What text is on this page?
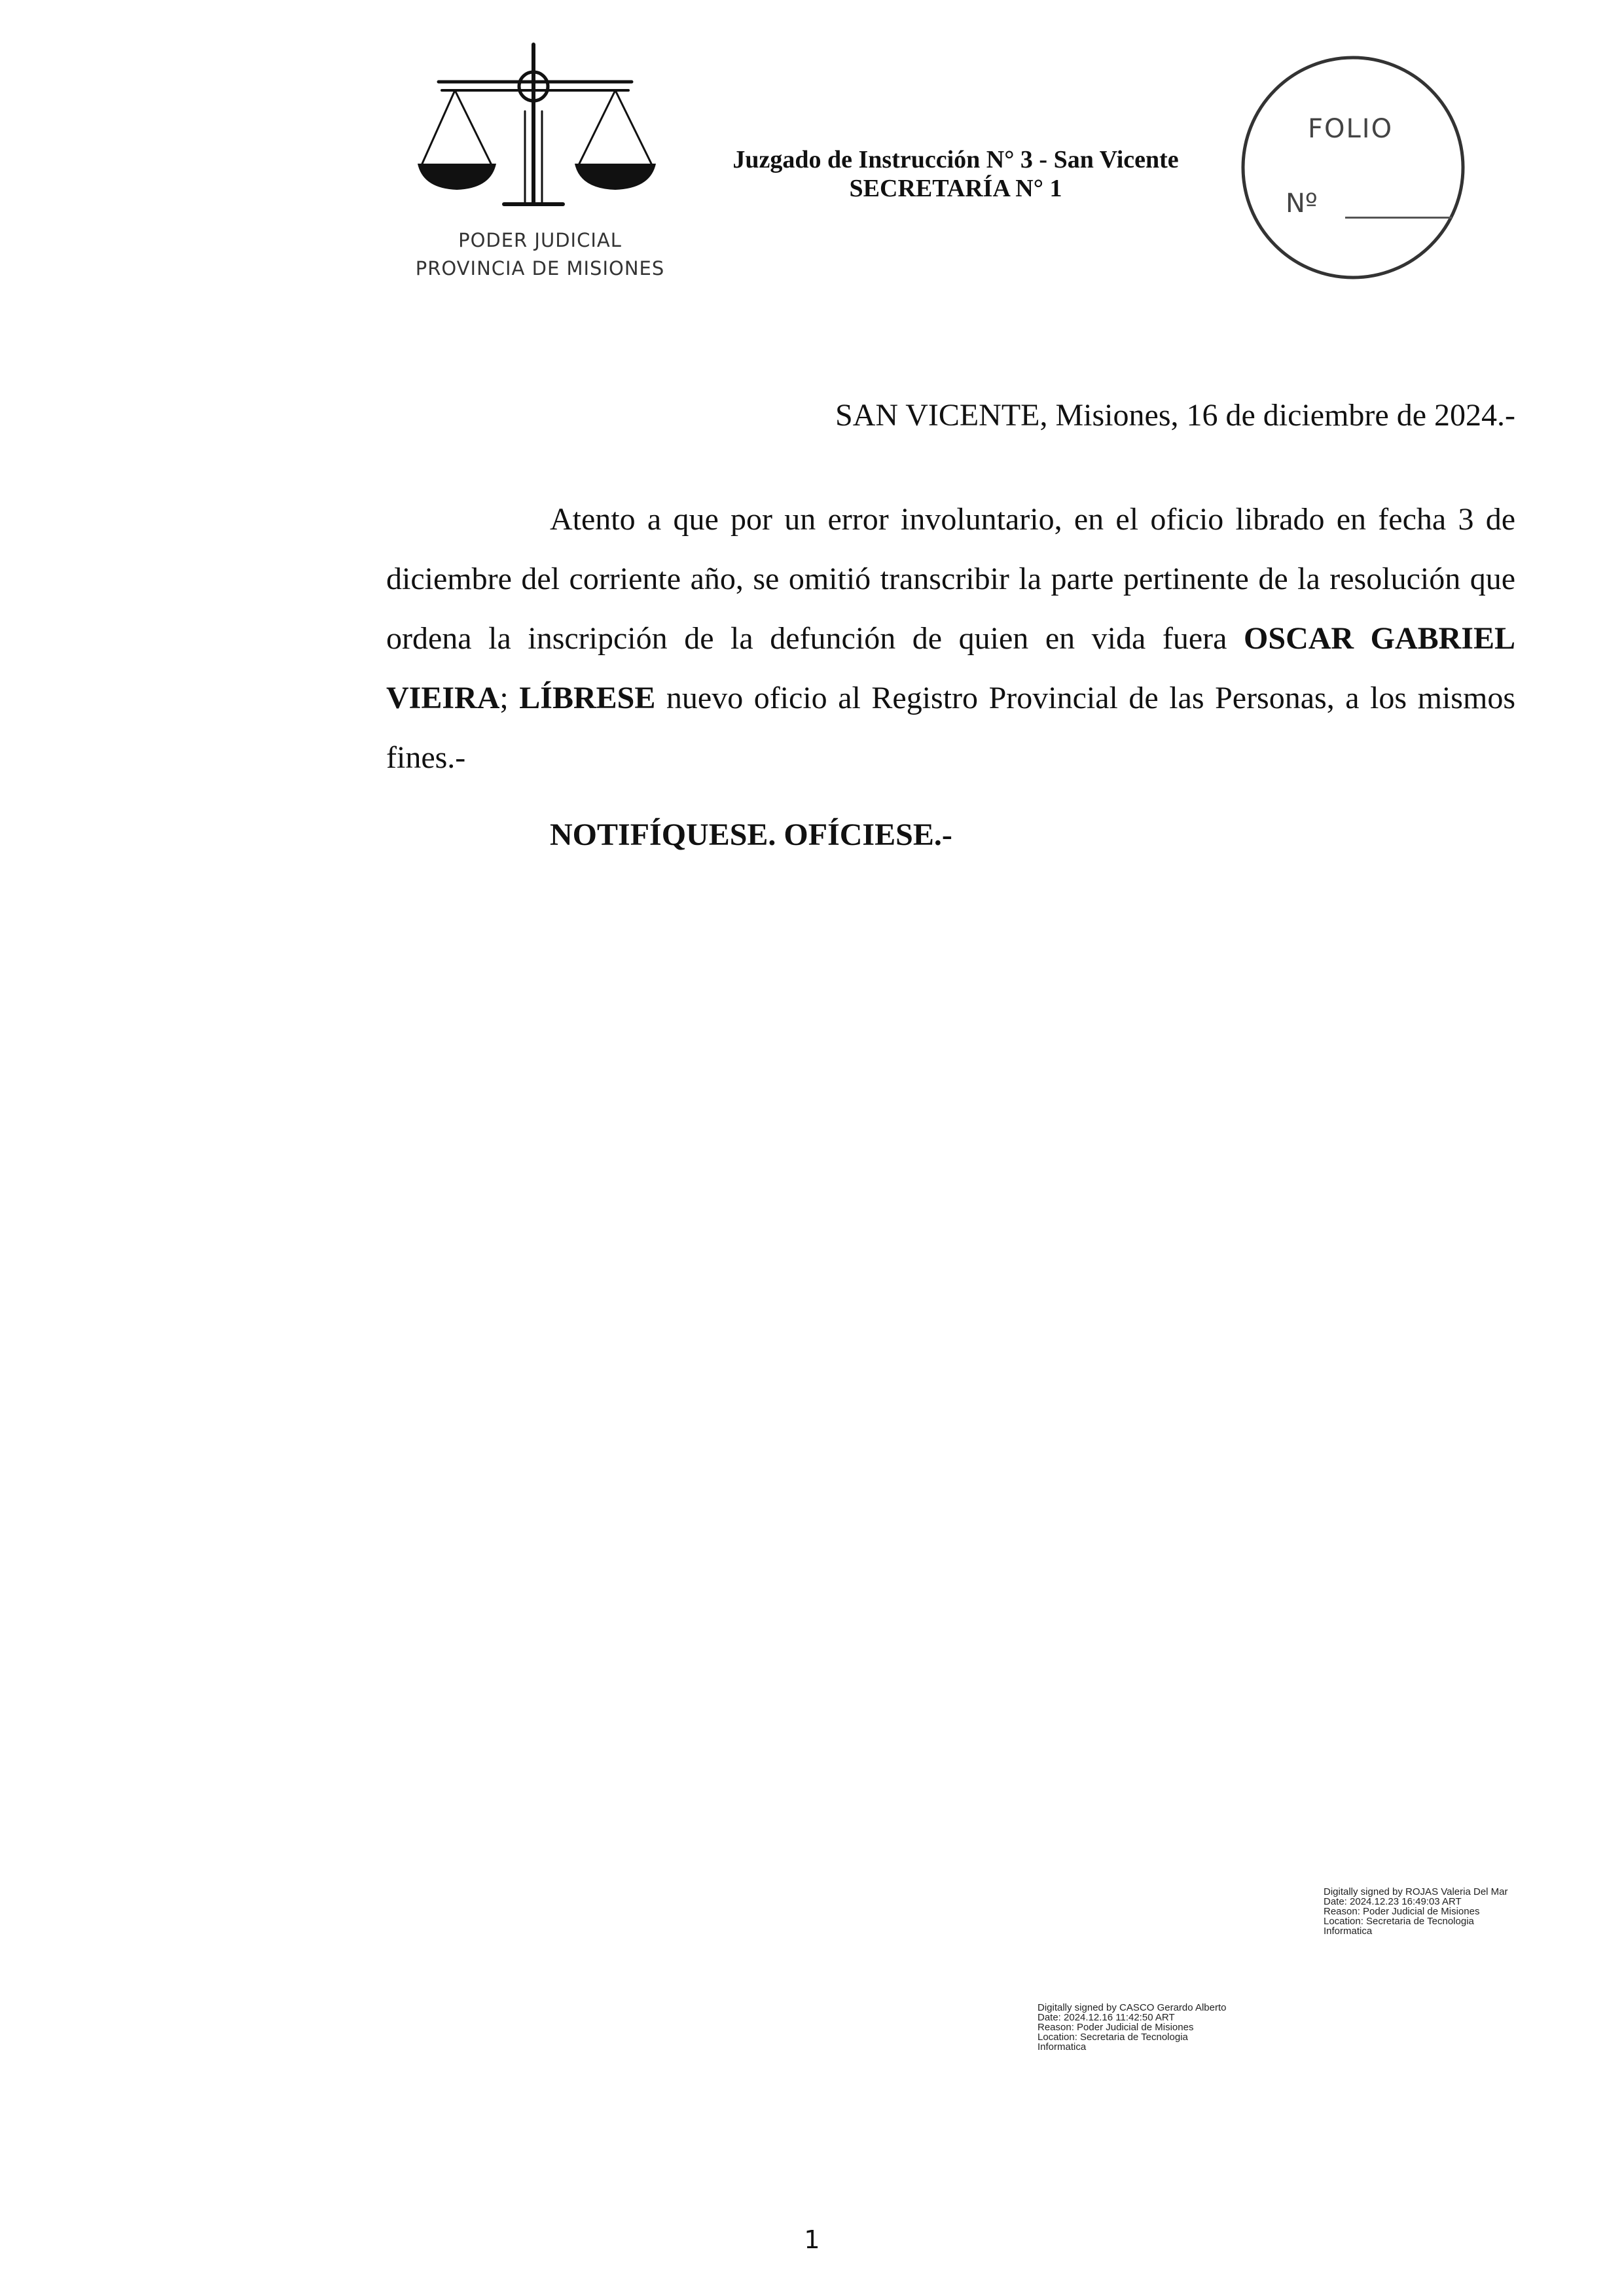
PODER JUDICIAL
PROVINCIA DE MISIONES
Juzgado de Instrucción N° 3 - San Vicente
SECRETARÍA N° 1
FOLIO
Nº
SAN VICENTE, Misiones, 16 de diciembre de 2024.-
Atento a que por un error involuntario, en el oficio librado en fecha 3 de diciembre del corriente año, se omitió transcribir la parte pertinente de la resolución que ordena la inscripción de la defunción de quien en vida fuera OSCAR GABRIEL VIEIRA; LÍBRESE nuevo oficio al Registro Provincial de las Personas, a los mismos fines.-
NOTIFÍQUESE. OFÍCIESE.-
Digitally signed by ROJAS Valeria Del Mar
Date: 2024.12.23 16:49:03 ART
Reason: Poder Judicial de Misiones
Location: Secretaria de Tecnologia
Informatica
Digitally signed by CASCO Gerardo Alberto
Date: 2024.12.16 11:42:50 ART
Reason: Poder Judicial de Misiones
Location: Secretaria de Tecnologia
Informatica
1
